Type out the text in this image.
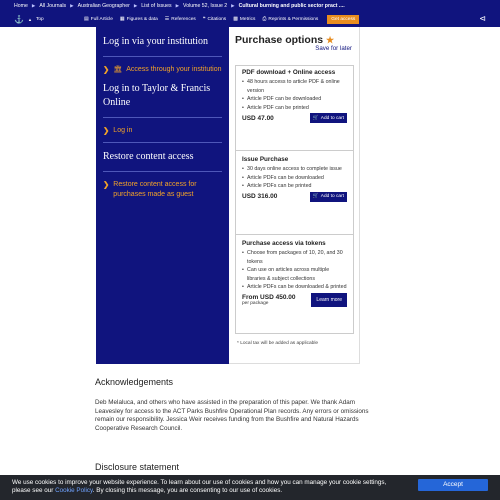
Home ▶ All Journals ▶ Australian Geographer ▶ List of Issues ▶ Volume 52, Issue 2 ▶ Cultural burning and public sector pract ....
⚓ ▲ Top	▤ Full Article ▦ Figures & data ☰ References ❝ Citations ▩ Metrics ⎙ Reprints & Permissions	Get access	⊲
Log in via your institution
❯ 🏛 Access through your institution
Log in to Taylor & Francis Online
❯ Log in
Restore content access
❯ Restore content access for purchases made as guest
Purchase options ★
Save for later
PDF download + Online access
• 48 hours access to article PDF & online version
• Article PDF can be downloaded
• Article PDF can be printed
USD 47.00	🛒 Add to cart
Issue Purchase
• 30 days online access to complete issue
• Article PDFs can be downloaded
• Article PDFs can be printed
USD 316.00	🛒 Add to cart
Purchase access via tokens
• Choose from packages of 10, 20, and 30 tokens
• Can use on articles across multiple libraries & subject collections
• Article PDFs can be downloaded & printed
From USD 450.00
per package
Learn more
* Local tax will be added as applicable
Acknowledgements
Deb Melaluca, and others who have assisted in the preparation of this paper. We thank Adam Leavesley for access to the ACT Parks Bushfire Operational Plan records. Any errors or omissions remain our responsibility. Jessica Weir receives funding from the Bushfire and Natural Hazards Cooperative Research Council.
Disclosure statement
We use cookies to improve your website experience. To learn about our use of cookies and how you can manage your cookie settings,
please see our Cookie Policy. By closing this message, you are consenting to our use of cookies.
Accept
